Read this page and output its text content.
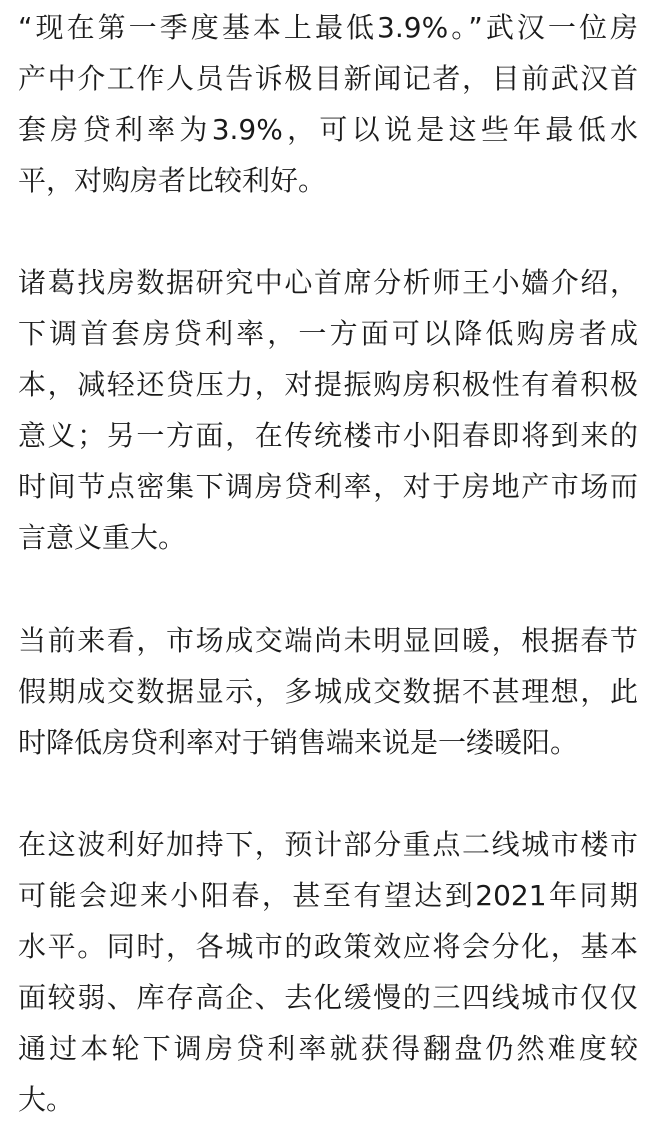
“现在第一季度基本上最低3.9%。”武汉一位房
产中介工作人员告诉极目新闻记者，目前武汉首
套房贷利率为3.9%，可以说是这些年最低水
平，对购房者比较利好。
诸葛找房数据研究中心首席分析师王小嬙介绍，
下调首套房贷利率，一方面可以降低购房者成
本，减轻还贷压力，对提振购房积极性有着积极
意义；另一方面，在传统楼市小阳春即将到来的
时间节点密集下调房贷利率，对于房地产市场而
言意义重大。
当前来看，市场成交端尚未明显回暖，根据春节
假期成交数据显示，多城成交数据不甚理想，此
时降低房贷利率对于销售端来说是一缕暖阳。
在这波利好加持下，预计部分重点二线城市楼市
可能会迎来小阳春，甚至有望达到2021年同期
水平。同时，各城市的政策效应将会分化，基本
面较弱、库存高企、去化缓慢的三四线城市仅仅
通过本轮下调房贷利率就获得翻盘仍然难度较
大。
